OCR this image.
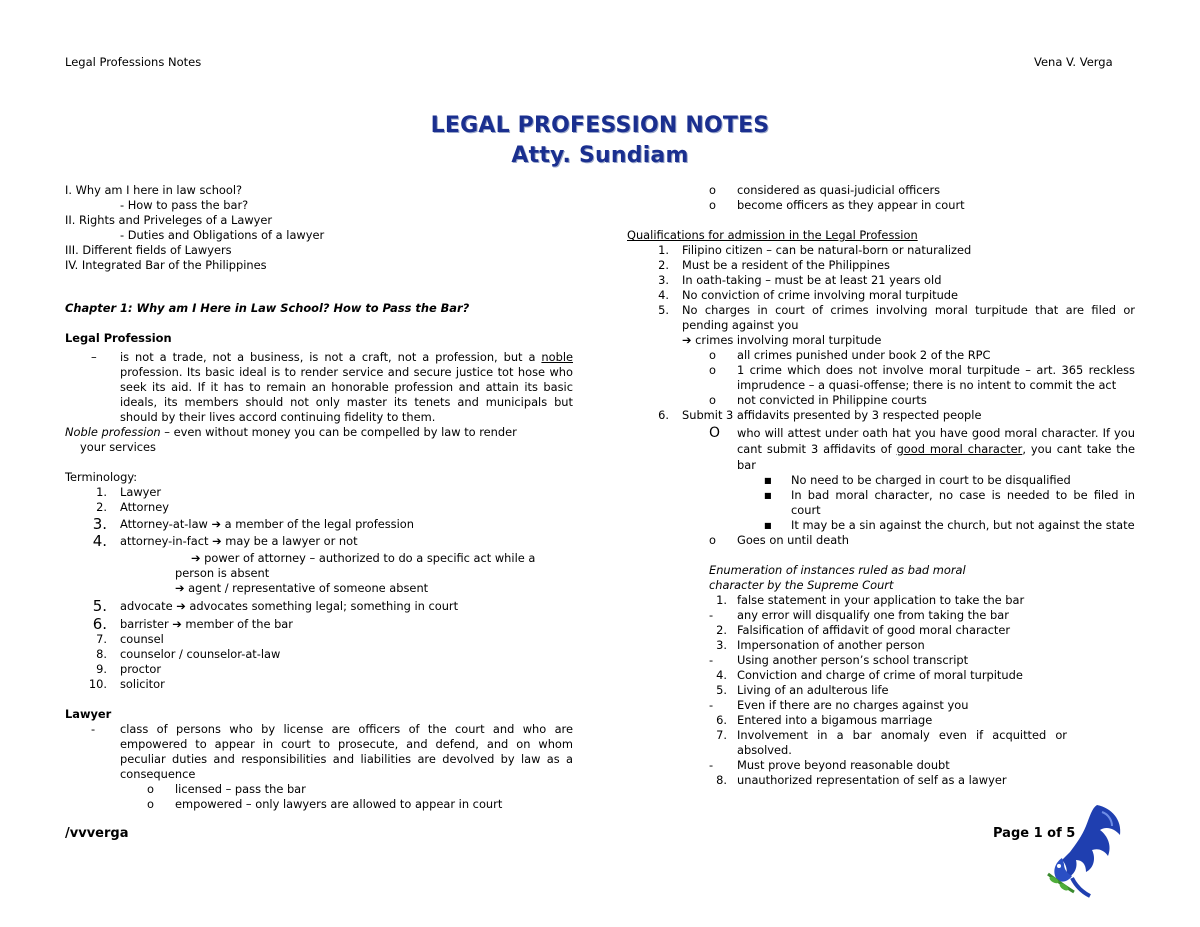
Legal Professions Notes	Vena V. Verga
LEGAL PROFESSION NOTES
Atty. Sundiam
I. Why am I here in law school?
- How to pass the bar?
II. Rights and Priveleges of a Lawyer
- Duties and Obligations of a lawyer
III. Different fields of Lawyers
IV. Integrated Bar of the Philippines
Chapter 1: Why am I Here in Law School? How to Pass the Bar?
Legal Profession
– is not a trade, not a business, is not a craft, not a profession, but a noble profession. Its basic ideal is to render service and secure justice tot hose who seek its aid. If it has to remain an honorable profession and attain its basic ideals, its members should not only master its tenets and municipals but should by their lives accord continuing fidelity to them.
Noble profession – even without money you can be compelled by law to render
your services
Terminology:
1. Lawyer
2. Attorney
3. Attorney-at-law ➔ a member of the legal profession
4. attorney-in-fact ➔ may be a lawyer or not
➔ power of attorney – authorized to do a specific act while a
person is absent
➔ agent / representative of someone absent
5. advocate ➔ advocates something legal; something in court
6. barrister ➔ member of the bar
7. counsel
8. counselor / counselor-at-law
9. proctor
10. solicitor
Lawyer
- class of persons who by license are officers of the court and who are empowered to appear in court to prosecute, and defend, and on whom peculiar duties and responsibilities and liabilities are devolved by law as a consequence
o licensed – pass the bar
o empowered – only lawyers are allowed to appear in court
o considered as quasi-judicial officers
o become officers as they appear in court
Qualifications for admission in the Legal Profession
1. Filipino citizen – can be natural-born or naturalized
2. Must be a resident of the Philippines
3. In oath-taking – must be at least 21 years old
4. No conviction of crime involving moral turpitude
5. No charges in court of crimes involving moral turpitude that are filed or pending against you
➔ crimes involving moral turpitude
o all crimes punished under book 2 of the RPC
o 1 crime which does not involve moral turpitude – art. 365 reckless imprudence – a quasi-offense; there is no intent to commit the act
o not convicted in Philippine courts
6. Submit 3 affidavits presented by 3 respected people
O who will attest under oath hat you have good moral character. If you cant submit 3 affidavits of good moral character, you cant take the bar
■ No need to be charged in court to be disqualified
■ In bad moral character, no case is needed to be filed in court
■ It may be a sin against the church, but not against the state
o Goes on until death
Enumeration of instances ruled as bad moral character by the Supreme Court
1. false statement in your application to take the bar
- any error will disqualify one from taking the bar
2. Falsification of affidavit of good moral character
3. Impersonation of another person
- Using another person’s school transcript
4. Conviction and charge of crime of moral turpitude
5. Living of an adulterous life
- Even if there are no charges against you
6. Entered into a bigamous marriage
7. Involvement in a bar anomaly even if acquitted or absolved.
- Must prove beyond reasonable doubt
8. unauthorized representation of self as a lawyer
/vvverga	Page 1 of 5
